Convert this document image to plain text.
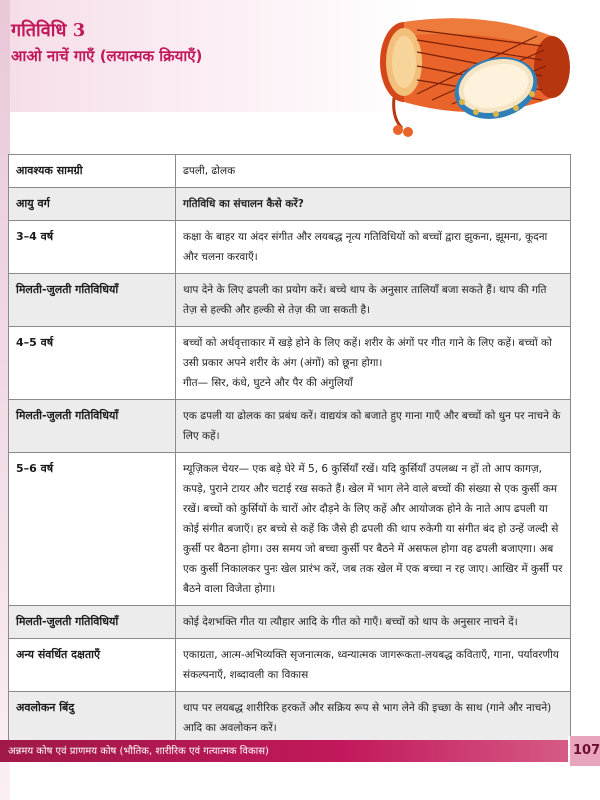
गतिविधि 3
आओ नाचें गाएँ (लयात्मक क्रियाएँ)
आवश्यक सामग्री	ढपली, ढोलक
आयु वर्ग	गतिविधि का संचालन कैसे करें?
3–4 वर्ष	कक्षा के बाहर या अंदर संगीत और लयबद्ध नृत्य गतिविधियों को बच्चों द्वारा झुकना, झूमना, कूदना और चलना करवाएँ।
मिलती-जुलती गतिविधियाँ	थाप देने के लिए ढपली का प्रयोग करें। बच्चे थाप के अनुसार तालियाँ बजा सकते हैं। थाप की गति तेज़ से हल्की और हल्की से तेज़ की जा सकती है।
4–5 वर्ष	बच्चों को अर्धवृत्ताकार में खड़े होने के लिए कहें। शरीर के अंगों पर गीत गाने के लिए कहें। बच्चों को उसी प्रकार अपने शरीर के अंग (अंगों) को छूना होगा।
गीत— सिर, कंधे, घुटने और पैर की अंगुलियाँ

मिलती-जुलती गतिविधियाँ	एक ढपली या ढोलक का प्रबंध करें। वाद्ययंत्र को बजाते हुए गाना गाएँ और बच्चों को धुन पर नाचने के लिए कहें।
5–6 वर्ष	म्यूज़िकल चेयर— एक बड़े घेरे में 5, 6 कुर्सियाँ रखें। यदि कुर्सियाँ उपलब्ध न हों तो आप कागज़, कपड़े, पुराने टायर और चटाई रख सकते हैं। खेल में भाग लेने वाले बच्चों की संख्या से एक कुर्सी कम रखें। बच्चों को कुर्सियों के चारों ओर दौड़ने के लिए कहें और आयोजक होने के नाते आप ढपली या कोई संगीत बजाएँ। हर बच्चे से कहें कि जैसे ही ढपली की थाप रुकेगी या संगीत बंद हो उन्हें जल्दी से कुर्सी पर बैठना होगा। उस समय जो बच्चा कुर्सी पर बैठने में असफल होगा वह ढपली बजाएगा। अब एक कुर्सी निकालकर पुनः खेल प्रारंभ करें, जब तक खेल में एक बच्चा न रह जाए। आखिर में कुर्सी पर बैठने वाला विजेता होगा।
मिलती-जुलती गतिविधियाँ	कोई देशभक्ति गीत या त्यौहार आदि के गीत को गाएँ। बच्चों को थाप के अनुसार नाचने दें।
अन्य संवर्धित दक्षताएँ	एकाग्रता, आत्म-अभिव्यक्ति सृजनात्मक, ध्वन्यात्मक जागरूकता-लयबद्ध कविताएँ, गाना, पर्यावरणीय संकल्पनाएँ, शब्दावली का विकास
अवलोकन बिंदु	थाप पर लयबद्ध शारीरिक हरकतें और सक्रिय रूप से भाग लेने की इच्छा के साथ (गाने और नाचने) आदि का अवलोकन करें।
अन्नमय कोष एवं प्राणमय कोष (भौतिक, शारीरिक एवं गत्यात्मक विकास)	107
